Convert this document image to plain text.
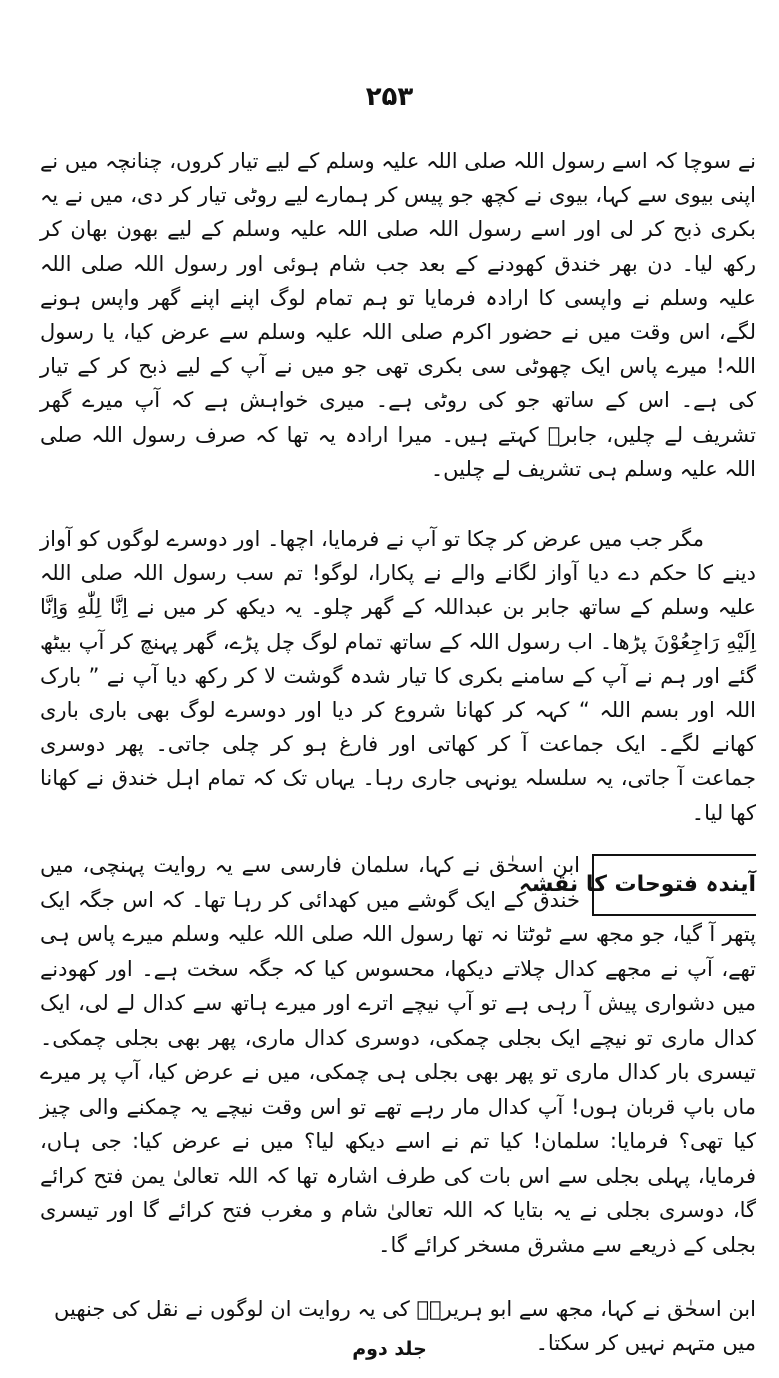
۲۵۳
نے سوچا کہ اسے رسول اللہ صلی اللہ علیہ وسلم کے لیے تیار کروں، چنانچہ میں نے اپنی بیوی سے کہا، بیوی نے کچھ جو پیس کر ہمارے لیے روٹی تیار کر دی، میں نے یہ بکری ذبح کر لی اور اسے رسول اللہ صلی اللہ علیہ وسلم کے لیے بھون بھان کر رکھ لیا۔ دن بھر خندق کھودنے کے بعد جب شام ہوئی اور رسول اللہ صلی اللہ علیہ وسلم نے واپسی کا ارادہ فرمایا تو ہم تمام لوگ اپنے اپنے گھر واپس ہونے لگے، اس وقت میں نے حضور اکرم صلی اللہ علیہ وسلم سے عرض کیا، یا رسول اللہ! میرے پاس ایک چھوٹی سی بکری تھی جو میں نے آپ کے لیے ذبح کر کے تیار کی ہے۔ اس کے ساتھ جو کی روٹی ہے۔ میری خواہش ہے کہ آپ میرے گھر تشریف لے چلیں، جابرؓ کہتے ہیں۔ میرا ارادہ یہ تھا کہ صرف رسول اللہ صلی اللہ علیہ وسلم ہی تشریف لے چلیں۔
مگر جب میں عرض کر چکا تو آپ نے فرمایا، اچھا۔ اور دوسرے لوگوں کو آواز دینے کا حکم دے دیا آواز لگانے والے نے پکارا، لوگو! تم سب رسول اللہ صلی اللہ علیہ وسلم کے ساتھ جابر بن عبداللہ کے گھر چلو۔ یہ دیکھ کر میں نے اِنَّا لِلّٰهِ وَاِنَّا اِلَيْهِ رَاجِعُوْنَ پڑھا۔ اب رسول اللہ کے ساتھ تمام لوگ چل پڑے، گھر پہنچ کر آپ بیٹھ گئے اور ہم نے آپ کے سامنے بکری کا تیار شدہ گوشت لا کر رکھ دیا آپ نے ” بارک اللہ اور بسم اللہ “ کہہ کر کھانا شروع کر دیا اور دوسرے لوگ بھی باری باری کھانے لگے۔ ایک جماعت آ کر کھاتی اور فارغ ہو کر چلی جاتی۔ پھر دوسری جماعت آ جاتی، یہ سلسلہ یونہی جاری رہا۔ یہاں تک کہ تمام اہل خندق نے کھانا کھا لیا۔
آیندہ فتوحات کا نقشہ
ابن اسحٰق نے کہا، سلمان فارسی سے یہ روایت پہنچی، میں خندق کے ایک گوشے میں کھدائی کر رہا تھا۔ کہ اس جگہ ایک پتھر آ گیا، جو مجھ سے ٹوٹتا نہ تھا رسول اللہ صلی اللہ علیہ وسلم میرے پاس ہی تھے، آپ نے مجھے کدال چلاتے دیکھا، محسوس کیا کہ جگہ سخت ہے۔ اور کھودنے میں دشواری پیش آ رہی ہے تو آپ نیچے اترے اور میرے ہاتھ سے کدال لے لی، ایک کدال ماری تو نیچے ایک بجلی چمکی، دوسری کدال ماری، پھر بھی بجلی چمکی۔ تیسری بار کدال ماری تو پھر بھی بجلی ہی چمکی، میں نے عرض کیا، آپ پر میرے ماں باپ قربان ہوں! آپ کدال مار رہے تھے تو اس وقت نیچے یہ چمکنے والی چیز کیا تھی؟ فرمایا: سلمان! کیا تم نے اسے دیکھ لیا؟ میں نے عرض کیا: جی ہاں، فرمایا، پہلی بجلی سے اس بات کی طرف اشارہ تھا کہ اللہ تعالیٰ یمن فتح کرائے گا، دوسری بجلی نے یہ بتایا کہ اللہ تعالیٰ شام و مغرب فتح کرائے گا اور تیسری بجلی کے ذریعے سے مشرق مسخر کرائے گا۔
ابن اسحٰق نے کہا، مجھ سے ابو ہریرہؓ کی یہ روایت ان لوگوں نے نقل کی جنھیں میں متہم نہیں کر سکتا۔
جلد دوم
